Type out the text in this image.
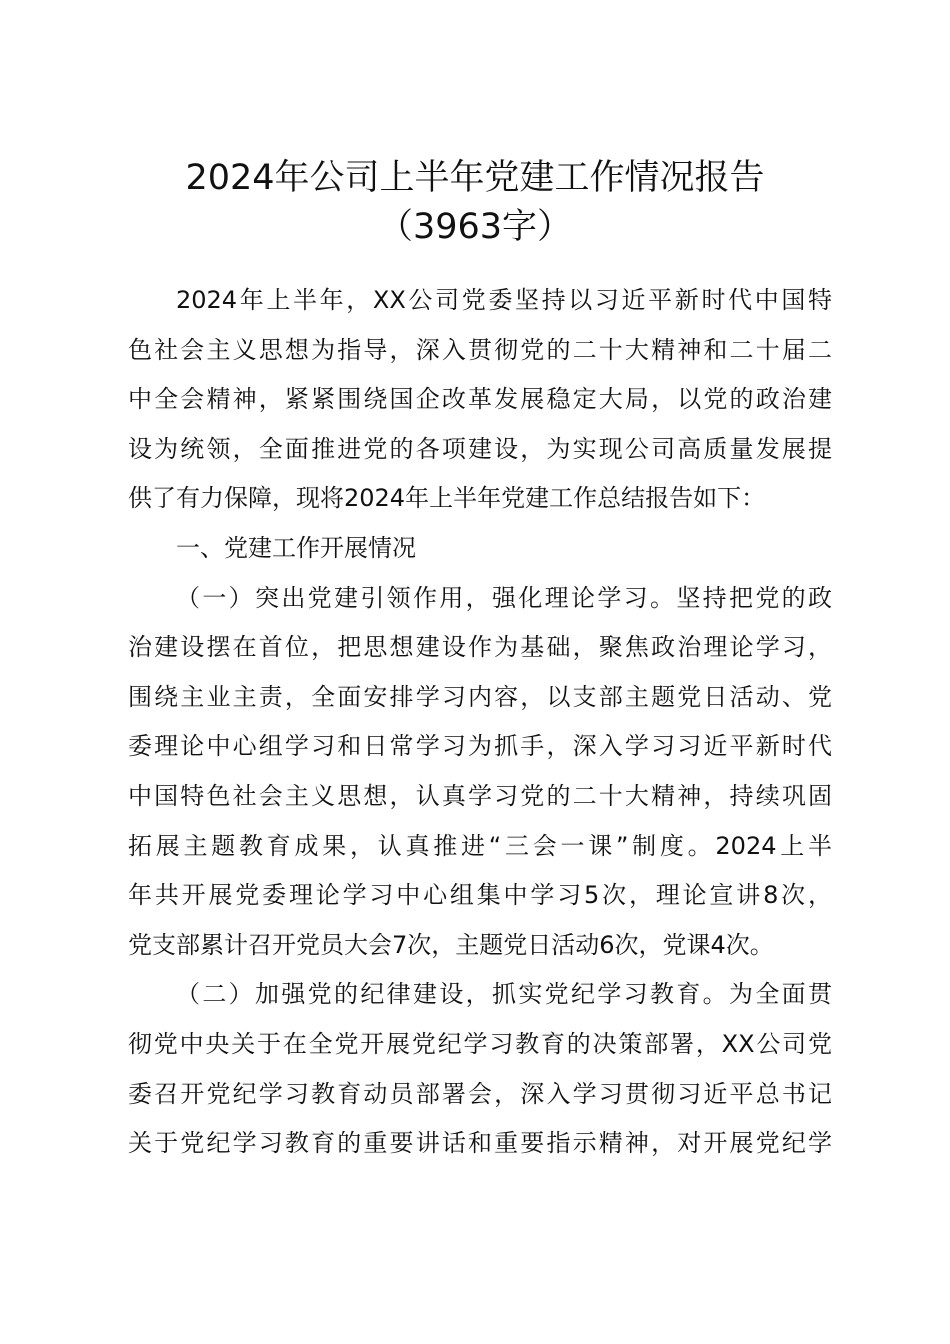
2024年公司上半年党建工作情况报告
（3963字）
2024年上半年，XX公司党委坚持以习近平新时代中国特
色社会主义思想为指导，深入贯彻党的二十大精神和二十届二
中全会精神，紧紧围绕国企改革发展稳定大局，以党的政治建
设为统领，全面推进党的各项建设，为实现公司高质量发展提
供了有力保障，现将2024年上半年党建工作总结报告如下：
一、党建工作开展情况
（一）突出党建引领作用，强化理论学习。坚持把党的政
治建设摆在首位，把思想建设作为基础，聚焦政治理论学习，
围绕主业主责，全面安排学习内容，以支部主题党日活动、党
委理论中心组学习和日常学习为抓手，深入学习习近平新时代
中国特色社会主义思想，认真学习党的二十大精神，持续巩固
拓展主题教育成果，认真推进“三会一课”制度。2024上半
年共开展党委理论学习中心组集中学习5次，理论宣讲8次，
党支部累计召开党员大会7次，主题党日活动6次，党课4次。
（二）加强党的纪律建设，抓实党纪学习教育。为全面贯
彻党中央关于在全党开展党纪学习教育的决策部署，XX公司党
委召开党纪学习教育动员部署会，深入学习贯彻习近平总书记
关于党纪学习教育的重要讲话和重要指示精神，对开展党纪学
